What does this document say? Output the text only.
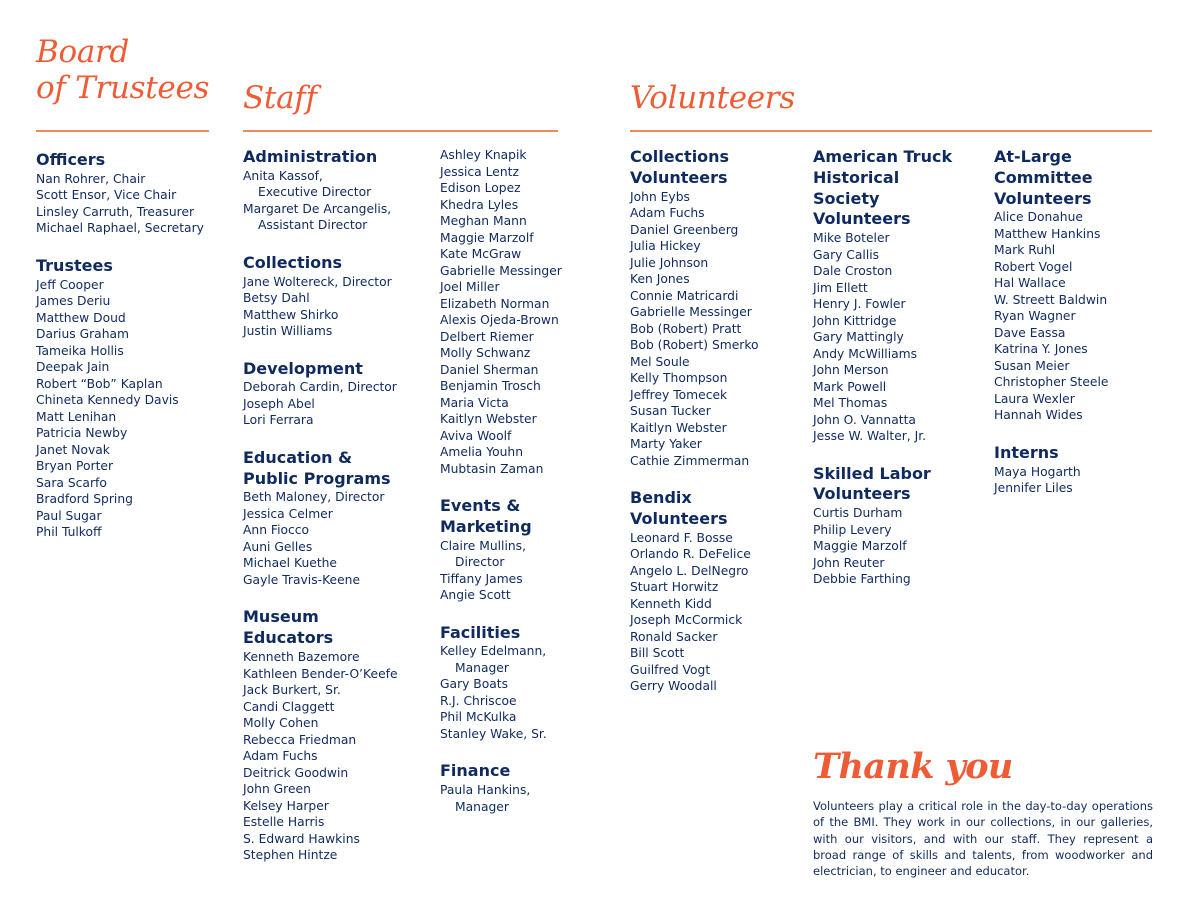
Board
of Trustees Staff	Volunteers
Officers
Nan Rohrer, Chair
Scott Ensor, Vice Chair
Linsley Carruth, Treasurer
Michael Raphael, Secretary
Trustees
Jeff Cooper
James Deriu
Matthew Doud
Darius Graham
Tameika Hollis
Deepak Jain
Robert “Bob” Kaplan
Chineta Kennedy Davis
Matt Lenihan
Patricia Newby
Janet Novak
Bryan Porter
Sara Scarfo
Bradford Spring
Paul Sugar
Phil Tulkoff
Administration
Anita Kassof,
Executive Director
Margaret De Arcangelis,
Assistant Director
Collections
Jane Woltereck, Director
Betsy Dahl
Matthew Shirko
Justin Williams
Development
Deborah Cardin, Director
Joseph Abel
Lori Ferrara
Education &
Public Programs
Beth Maloney, Director
Jessica Celmer
Ann Fiocco
Auni Gelles
Michael Kuethe
Gayle Travis-Keene
Museum
Educators
Kenneth Bazemore
Kathleen Bender-O’Keefe
Jack Burkert, Sr.
Candi Claggett
Molly Cohen
Rebecca Friedman
Adam Fuchs
Deitrick Goodwin
John Green
Kelsey Harper
Estelle Harris
S. Edward Hawkins
Stephen Hintze
Ashley Knapik
Jessica Lentz
Edison Lopez
Khedra Lyles
Meghan Mann
Maggie Marzolf
Kate McGraw
Gabrielle Messinger
Joel Miller
Elizabeth Norman
Alexis Ojeda-Brown
Delbert Riemer
Molly Schwanz
Daniel Sherman
Benjamin Trosch
Maria Victa
Kaitlyn Webster
Aviva Woolf
Amelia Youhn
Mubtasin Zaman
Events &
Marketing
Claire Mullins,
Director
Tiffany James
Angie Scott
Facilities
Kelley Edelmann,
Manager
Gary Boats
R.J. Chriscoe
Phil McKulka
Stanley Wake, Sr.
Finance
Paula Hankins,
Manager
Collections
Volunteers
John Eybs
Adam Fuchs
Daniel Greenberg
Julia Hickey
Julie Johnson
Ken Jones
Connie Matricardi
Gabrielle Messinger
Bob (Robert) Pratt
Bob (Robert) Smerko
Mel Soule
Kelly Thompson
Jeffrey Tomecek
Susan Tucker
Kaitlyn Webster
Marty Yaker
Cathie Zimmerman
Bendix
Volunteers
Leonard F. Bosse
Orlando R. DeFelice
Angelo L. DelNegro
Stuart Horwitz
Kenneth Kidd
Joseph McCormick
Ronald Sacker
Bill Scott
Guilfred Vogt
Gerry Woodall
American Truck
Historical
Society
Volunteers
Mike Boteler
Gary Callis
Dale Croston
Jim Ellett
Henry J. Fowler
John Kittridge
Gary Mattingly
Andy McWilliams
John Merson
Mark Powell
Mel Thomas
John O. Vannatta
Jesse W. Walter, Jr.
Skilled Labor
Volunteers
Curtis Durham
Philip Levery
Maggie Marzolf
John Reuter
Debbie Farthing
At-Large
Committee
Volunteers
Alice Donahue
Matthew Hankins
Mark Ruhl
Robert Vogel
Hal Wallace
W. Streett Baldwin
Ryan Wagner
Dave Eassa
Katrina Y. Jones
Susan Meier
Christopher Steele
Laura Wexler
Hannah Wides
Interns
Maya Hogarth
Jennifer Liles
Thank you

Volunteers play a critical role in the day-to-day operations of the BMI. They work in our collections, in our galleries, with our visitors, and with our staff. They represent a broad range of skills and talents, from woodworker and electrician, to engineer and educator.
